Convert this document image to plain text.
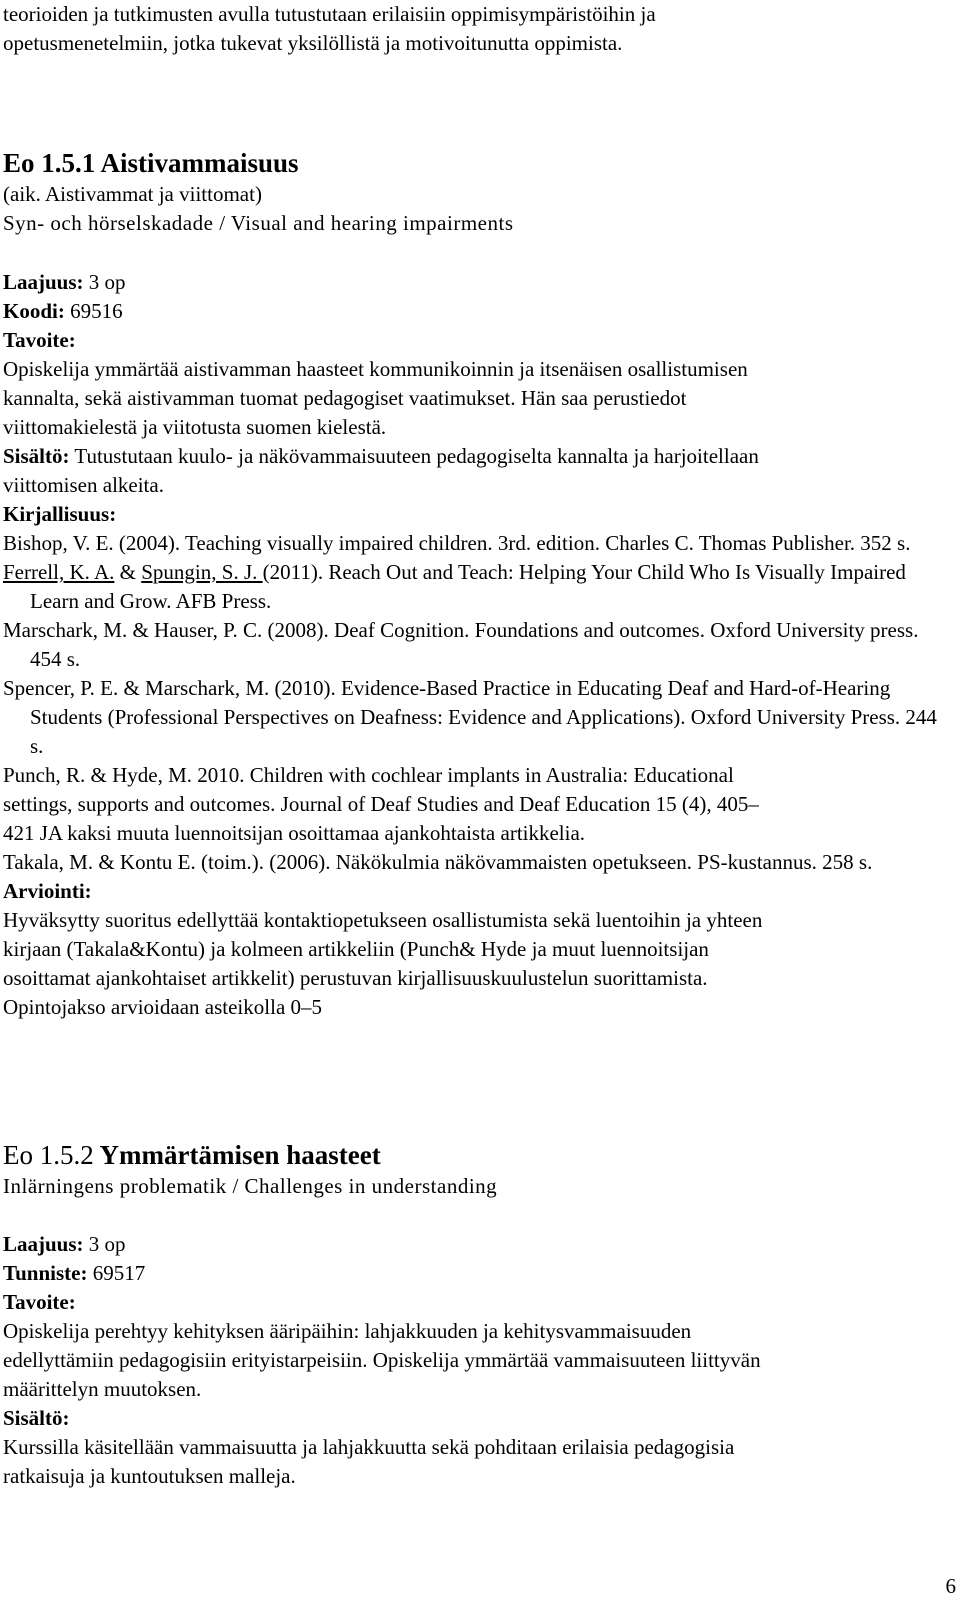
teorioiden ja tutkimusten avulla tutustutaan erilaisiin oppimisympäristöihin ja
opetusmenetelmiin, jotka tukevat yksilöllistä ja motivoitunutta oppimista.
Eo 1.5.1 Aistivammaisuus
(aik. Aistivammat ja viittomat)
Syn- och hörselskadade / Visual and hearing impairments
Laajuus: 3 op
Koodi: 69516
Tavoite:
Opiskelija ymmärtää aistivamman haasteet kommunikoinnin ja itsenäisen osallistumisen
kannalta, sekä aistivamman tuomat pedagogiset vaatimukset. Hän saa perustiedot
viittomakielestä ja viitotusta suomen kielestä.
Sisältö: Tutustutaan kuulo- ja näkövammaisuuteen pedagogiselta kannalta ja harjoitellaan
viittomisen alkeita.
Kirjallisuus:
Bishop, V. E. (2004). Teaching visually impaired children. 3rd. edition. Charles C. Thomas Publisher. 352 s.
Ferrell, K. A. & Spungin, S. J. (2011). Reach Out and Teach: Helping Your Child Who Is Visually Impaired Learn and Grow. AFB Press.
Marschark, M. & Hauser, P. C. (2008). Deaf Cognition. Foundations and outcomes. Oxford University press. 454 s.
Spencer, P. E. & Marschark, M. (2010). Evidence-Based Practice in Educating Deaf and Hard-of-Hearing Students (Professional Perspectives on Deafness: Evidence and Applications). Oxford University Press. 244 s.
Punch, R. & Hyde, M. 2010. Children with cochlear implants in Australia: Educational
settings, supports and outcomes. Journal of Deaf Studies and Deaf Education 15 (4), 405–
421 JA kaksi muuta luennoitsijan osoittamaa ajankohtaista artikkelia.
Takala, M. & Kontu E. (toim.). (2006). Näkökulmia näkövammaisten opetukseen. PS-kustannus. 258 s.
Arviointi:
Hyväksytty suoritus edellyttää kontaktiopetukseen osallistumista sekä luentoihin ja yhteen
kirjaan (Takala&Kontu) ja kolmeen artikkeliin (Punch& Hyde ja muut luennoitsijan
osoittamat ajankohtaiset artikkelit) perustuvan kirjallisuuskuulustelun suorittamista.
Opintojakso arvioidaan asteikolla 0–5
Eo 1.5.2 Ymmärtämisen haasteet
Inlärningens problematik / Challenges in understanding
Laajuus: 3 op
Tunniste: 69517
Tavoite:
Opiskelija perehtyy kehityksen ääripäihin: lahjakkuuden ja kehitysvammaisuuden
edellyttämiin pedagogisiin erityistarpeisiin. Opiskelija ymmärtää vammaisuuteen liittyvän
määrittelyn muutoksen.
Sisältö:
Kurssilla käsitellään vammaisuutta ja lahjakkuutta sekä pohditaan erilaisia pedagogisia
ratkaisuja ja kuntoutuksen malleja.
6
